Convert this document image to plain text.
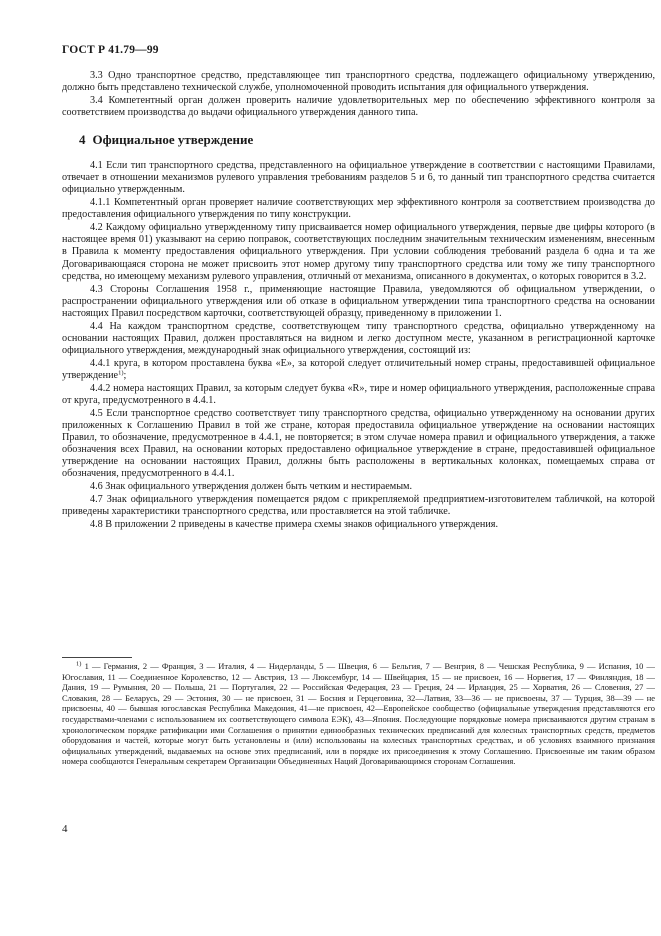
ГОСТ Р 41.79—99

3.3 Одно транспортное средство, представляющее тип транспортного средства, подлежащего официальному утверждению, должно быть представлено технической службе, уполномоченной проводить испытания для официального утверждения.

3.4 Компетентный орган должен проверить наличие удовлетворительных мер по обеспечению эффективного контроля за соответствием производства до выдачи официального утверждения данного типа.

4 Официальное утверждение

4.1 Если тип транспортного средства, представленного на официальное утверждение в соответствии с настоящими Правилами, отвечает в отношении механизмов рулевого управления требованиям разделов 5 и 6, то данный тип транспортного средства считается официально утвержденным.

4.1.1 Компетентный орган проверяет наличие соответствующих мер эффективного контроля за соответствием производства до предоставления официального утверждения по типу конструкции.

4.2 Каждому официально утвержденному типу присваивается номер официального утверждения, первые две цифры которого (в настоящее время 01) указывают на серию поправок, соответствующих последним значительным техническим изменениям, внесенным в Правила к моменту предоставления официального утверждения. При условии соблюдения требований раздела 6 одна и та же Договаривающаяся сторона не может присвоить этот номер другому типу транспортного средства или тому же типу транспортного средства, но имеющему механизм рулевого управления, отличный от механизма, описанного в документах, о которых говорится в 3.2.

4.3 Стороны Соглашения 1958 г., применяющие настоящие Правила, уведомляются об официальном утверждении, о распространении официального утверждения или об отказе в официальном утверждении типа транспортного средства на основании настоящих Правил посредством карточки, соответствующей образцу, приведенному в приложении 1.

4.4 На каждом транспортном средстве, соответствующем типу транспортного средства, официально утвержденному на основании настоящих Правил, должен проставляться на видном и легко доступном месте, указанном в регистрационной карточке официального утверждения, международный знак официального утверждения, состоящий из:

4.4.1 круга, в котором проставлена буква «Е», за которой следует отличительный номер страны, предоставившей официальное утверждение$^{1)}$;

4.4.2 номера настоящих Правил, за которым следует буква «R», тире и номер официального утверждения, расположенные справа от круга, предусмотренного в 4.4.1.

4.5 Если транспортное средство соответствует типу транспортного средства, официально утвержденному на основании других приложенных к Соглашению Правил в той же стране, которая предоставила официальное утверждение на основании настоящих Правил, то обозначение, предусмотренное в 4.4.1, не повторяется; в этом случае номера правил и официального утверждения, а также обозначения всех Правил, на основании которых предоставлено официальное утверждение в стране, предоставившей официальное утверждение на основании настоящих Правил, должны быть расположены в вертикальных колонках, помещаемых справа от обозначения, предусмотренного в 4.4.1.

4.6 Знак официального утверждения должен быть четким и нестираемым.

4.7 Знак официального утверждения помещается рядом с прикрепляемой предприятием-изготовителем табличкой, на которой приведены характеристики транспортного средства, или проставляется на этой табличке.

4.8 В приложении 2 приведены в качестве примера схемы знаков официального утверждения.

$^{1)}$ 1 — Германия, 2 — Франция, 3 — Италия, 4 — Нидерланды, 5 — Швеция, 6 — Бельгия, 7 — Венгрия, 8 — Чешская Республика, 9 — Испания, 10 — Югославия, 11 — Соединенное Королевство, 12 — Австрия, 13 — Люксембург, 14 — Швейцария, 15 — не присвоен, 16 — Норвегия, 17 — Финляндия, 18 — Дания, 19 — Румыния, 20 — Польша, 21 — Португалия, 22 — Российская Федерация, 23 — Греция, 24 — Ирландия, 25 — Хорватия, 26 — Словения, 27 — Словакия, 28 — Беларусь, 29 — Эстония, 30 — не присвоен, 31 — Босния и Герцеговина, 32—Латвия, 33—36 — не присвоены, 37 — Турция, 38—39 — не присвоены, 40 — бывшая югославская Республика Македония, 41—не присвоен, 42—Европейское сообщество (официальные утверждения представляются его государствами-членами с использованием их соответствующего символа ЕЭК), 43—Япония. Последующие порядковые номера присваиваются другим странам в хронологическом порядке ратификации ими Соглашения о принятии единообразных технических предписаний для колесных транспортных средств, предметов оборудования и частей, которые могут быть установлены и (или) использованы на колесных транспортных средствах, и об условиях взаимного признания официальных утверждений, выдаваемых на основе этих предписаний, или в порядке их присоединения к этому Соглашению. Присвоенные им таким образом номера сообщаются Генеральным секретарем Организации Объединенных Наций Договаривающимся сторонам Соглашения.

4
